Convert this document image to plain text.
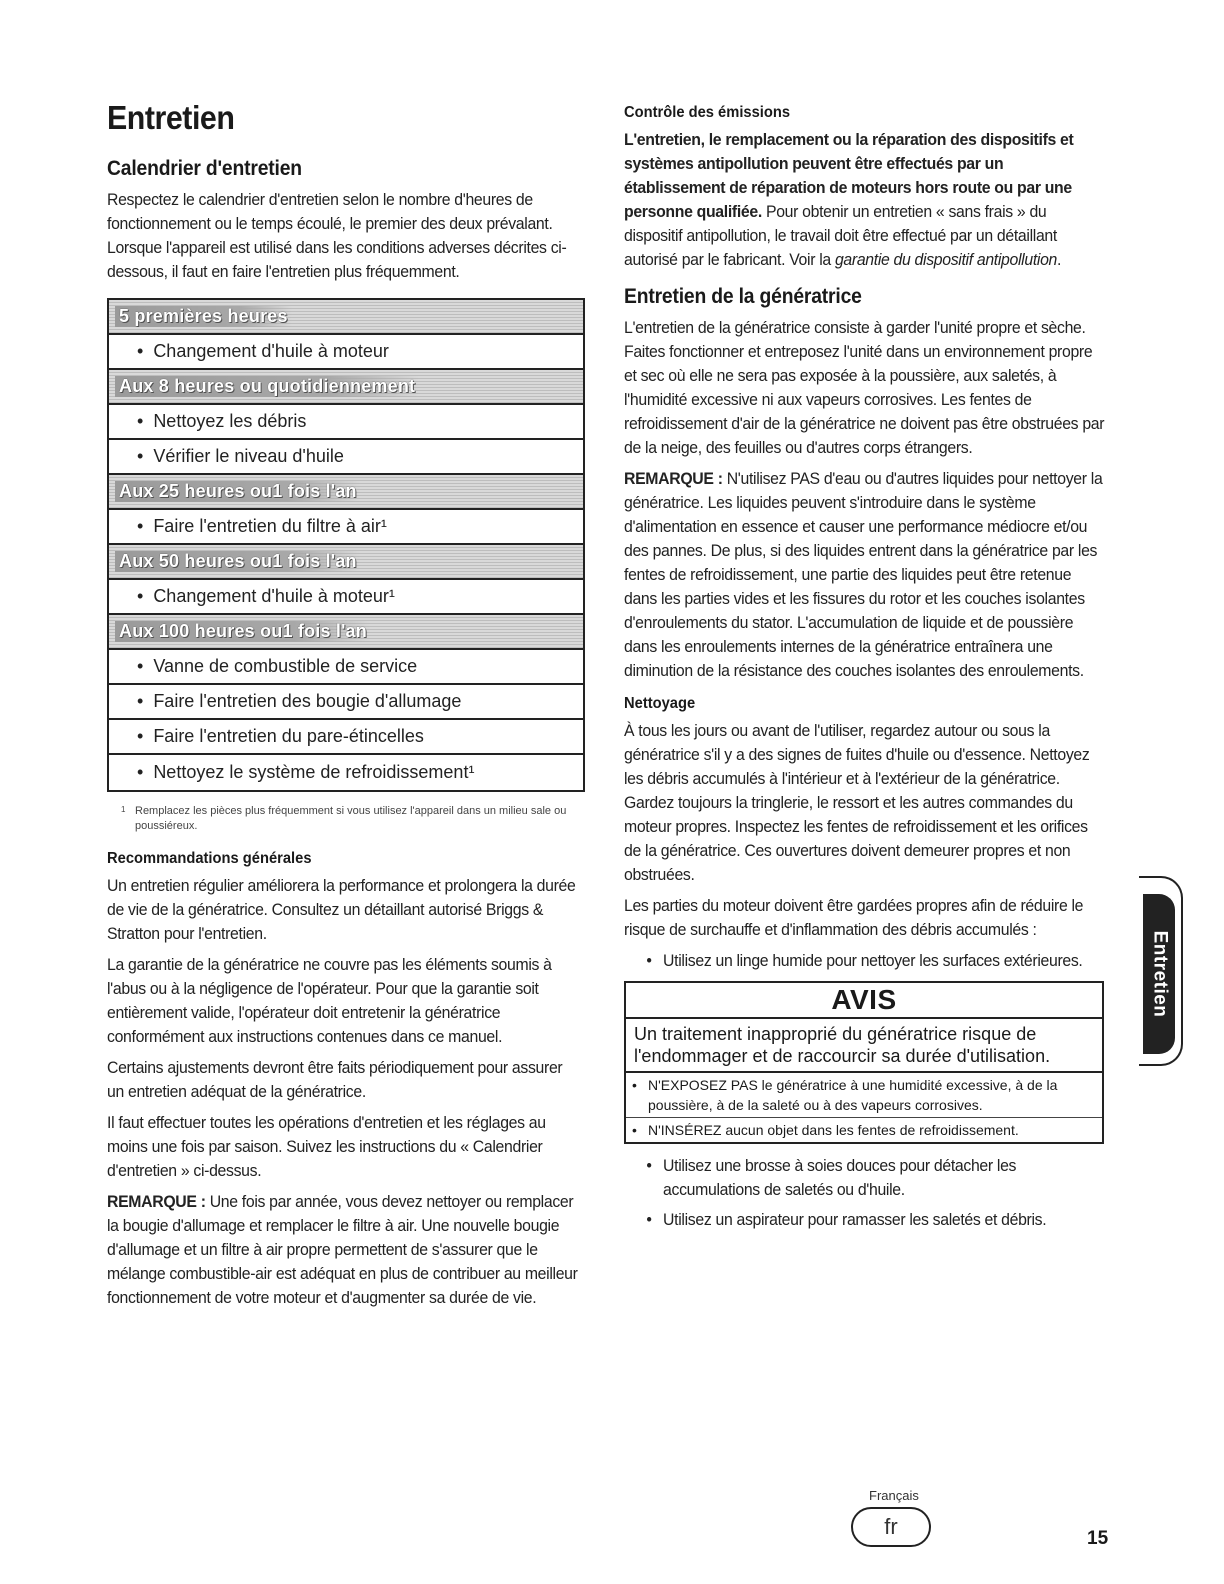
Entretien
Calendrier d'entretien

Respectez le calendrier d'entretien selon le nombre d'heures de fonctionnement ou le temps écoulé, le premier des deux prévalant. Lorsque l'appareil est utilisé dans les conditions adverses décrites ci-dessous, il faut en faire l'entretien plus fréquemment.

5 premières heures
• Changement d'huile à moteur
Aux 8 heures ou quotidiennement
• Nettoyez les débris
• Vérifier le niveau d'huile
Aux 25 heures ou1 fois l'an
• Faire l'entretien du filtre à air¹
Aux 50 heures ou1 fois l'an
• Changement d'huile à moteur¹
Aux 100 heures ou1 fois l'an
• Vanne de combustible de service
• Faire l'entretien des bougie d'allumage
• Faire l'entretien du pare-étincelles
• Nettoyez le système de refroidissement¹
1 Remplacez les pièces plus fréquemment si vous utilisez l'appareil dans un milieu sale ou poussiéreux.
Recommandations générales

Un entretien régulier améliorera la performance et prolongera la durée de vie de la génératrice. Consultez un détaillant autorisé Briggs & Stratton pour l'entretien.

La garantie de la génératrice ne couvre pas les éléments soumis à l'abus ou à la négligence de l'opérateur. Pour que la garantie soit entièrement valide, l'opérateur doit entretenir la génératrice conformément aux instructions contenues dans ce manuel.

Certains ajustements devront être faits périodiquement pour assurer un entretien adéquat de la génératrice.

Il faut effectuer toutes les opérations d'entretien et les réglages au moins une fois par saison. Suivez les instructions du « Calendrier d'entretien » ci-dessus.

REMARQUE : Une fois par année, vous devez nettoyer ou remplacer la bougie d'allumage et remplacer le filtre à air. Une nouvelle bougie d'allumage et un filtre à air propre permettent de s'assurer que le mélange combustible-air est adéquat en plus de contribuer au meilleur fonctionnement de votre moteur et d'augmenter sa durée de vie.

Contrôle des émissions

L'entretien, le remplacement ou la réparation des dispositifs et systèmes antipollution peuvent être effectués par un établissement de réparation de moteurs hors route ou par une personne qualifiée. Pour obtenir un entretien « sans frais » du dispositif antipollution, le travail doit être effectué par un détaillant autorisé par le fabricant. Voir la garantie du dispositif antipollution.

Entretien de la génératrice

L'entretien de la génératrice consiste à garder l'unité propre et sèche. Faites fonctionner et entreposez l'unité dans un environnement propre et sec où elle ne sera pas exposée à la poussière, aux saletés, à l'humidité excessive ni aux vapeurs corrosives. Les fentes de refroidissement d'air de la génératrice ne doivent pas être obstruées par de la neige, des feuilles ou d'autres corps étrangers.

REMARQUE : N'utilisez PAS d'eau ou d'autres liquides pour nettoyer la génératrice. Les liquides peuvent s'introduire dans le système d'alimentation en essence et causer une performance médiocre et/ou des pannes. De plus, si des liquides entrent dans la génératrice par les fentes de refroidissement, une partie des liquides peut être retenue dans les parties vides et les fissures du rotor et les couches isolantes d'enroulements du stator. L'accumulation de liquide et de poussière dans les enroulements internes de la génératrice entraînera une diminution de la résistance des couches isolantes des enroulements.

Nettoyage

À tous les jours ou avant de l'utiliser, regardez autour ou sous la génératrice s'il y a des signes de fuites d'huile ou d'essence. Nettoyez les débris accumulés à l'intérieur et à l'extérieur de la génératrice. Gardez toujours la tringlerie, le ressort et les autres commandes du moteur propres. Inspectez les fentes de refroidissement et les orifices de la génératrice. Ces ouvertures doivent demeurer propres et non obstruées.

Les parties du moteur doivent être gardées propres afin de réduire le risque de surchauffe et d'inflammation des débris accumulés :

• Utilisez un linge humide pour nettoyer les surfaces extérieures.

AVIS
Un traitement inapproprié du génératrice risque de l'endommager et de raccourcir sa durée d'utilisation.
• N'EXPOSEZ PAS le génératrice à une humidité excessive, à de la poussière, à de la saleté ou à des vapeurs corrosives.
• N'INSÉREZ aucun objet dans les fentes de refroidissement.

• Utilisez une brosse à soies douces pour détacher les accumulations de saletés ou d'huile.

• Utilisez un aspirateur pour ramasser les saletés et débris.

Entretien
Français
fr	15
